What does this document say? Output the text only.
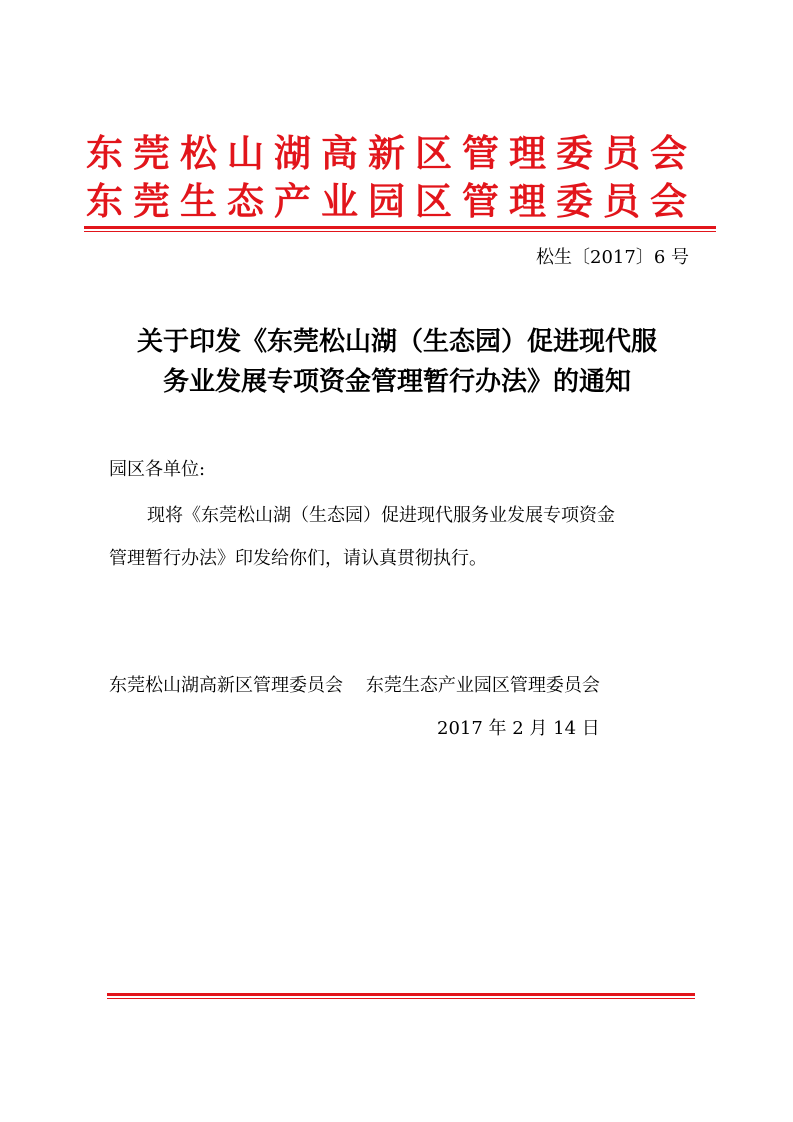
东莞松山湖高新区管理委员会
东莞生态产业园区管理委员会
松生〔2017〕6 号
关于印发《东莞松山湖（生态园）促进现代服
务业发展专项资金管理暂行办法》的通知
园区各单位:
现将《东莞松山湖（生态园）促进现代服务业发展专项资金
管理暂行办法》印发给你们，请认真贯彻执行。
东莞松山湖高新区管理委员会    东莞生态产业园区管理委员会
2017 年 2 月 14 日
